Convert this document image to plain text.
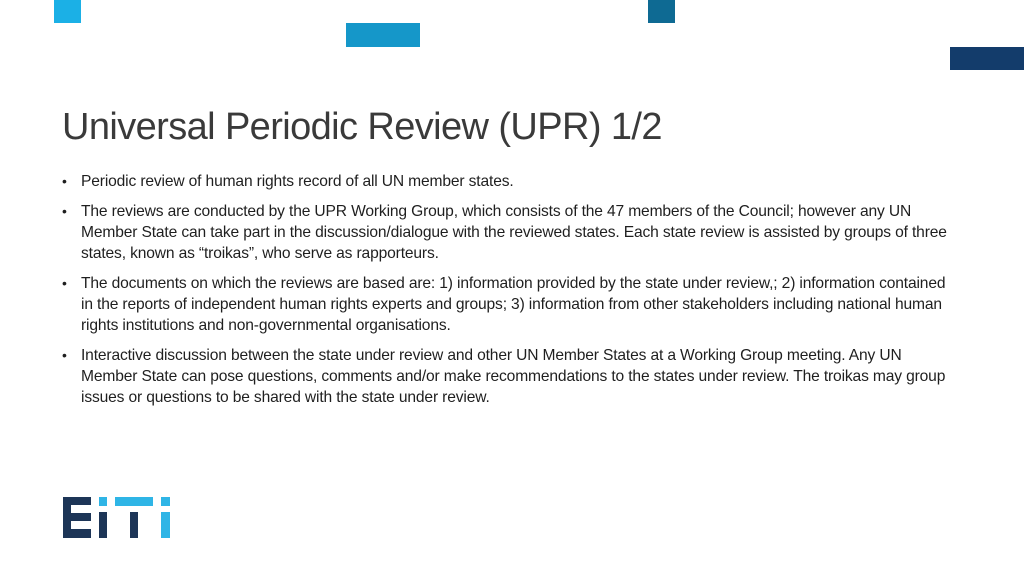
Universal Periodic Review (UPR) 1/2
• Periodic review of human rights record of all UN member states.
• The reviews are conducted by the UPR Working Group, which consists of the 47 members of the Council; however any UN Member State can take part in the discussion/dialogue with the reviewed states. Each state review is assisted by groups of three states, known as “troikas”, who serve as rapporteurs.
• The documents on which the reviews are based are: 1) information provided by the state under review,; 2) information contained in the reports of independent human rights experts and groups; 3) information from other stakeholders including national human rights institutions and non-governmental organisations.
• Interactive discussion between the state under review and other UN Member States at a Working Group meeting. Any UN Member State can pose questions, comments and/or make recommendations to the states under review. The troikas may group issues or questions to be shared with the state under review.
